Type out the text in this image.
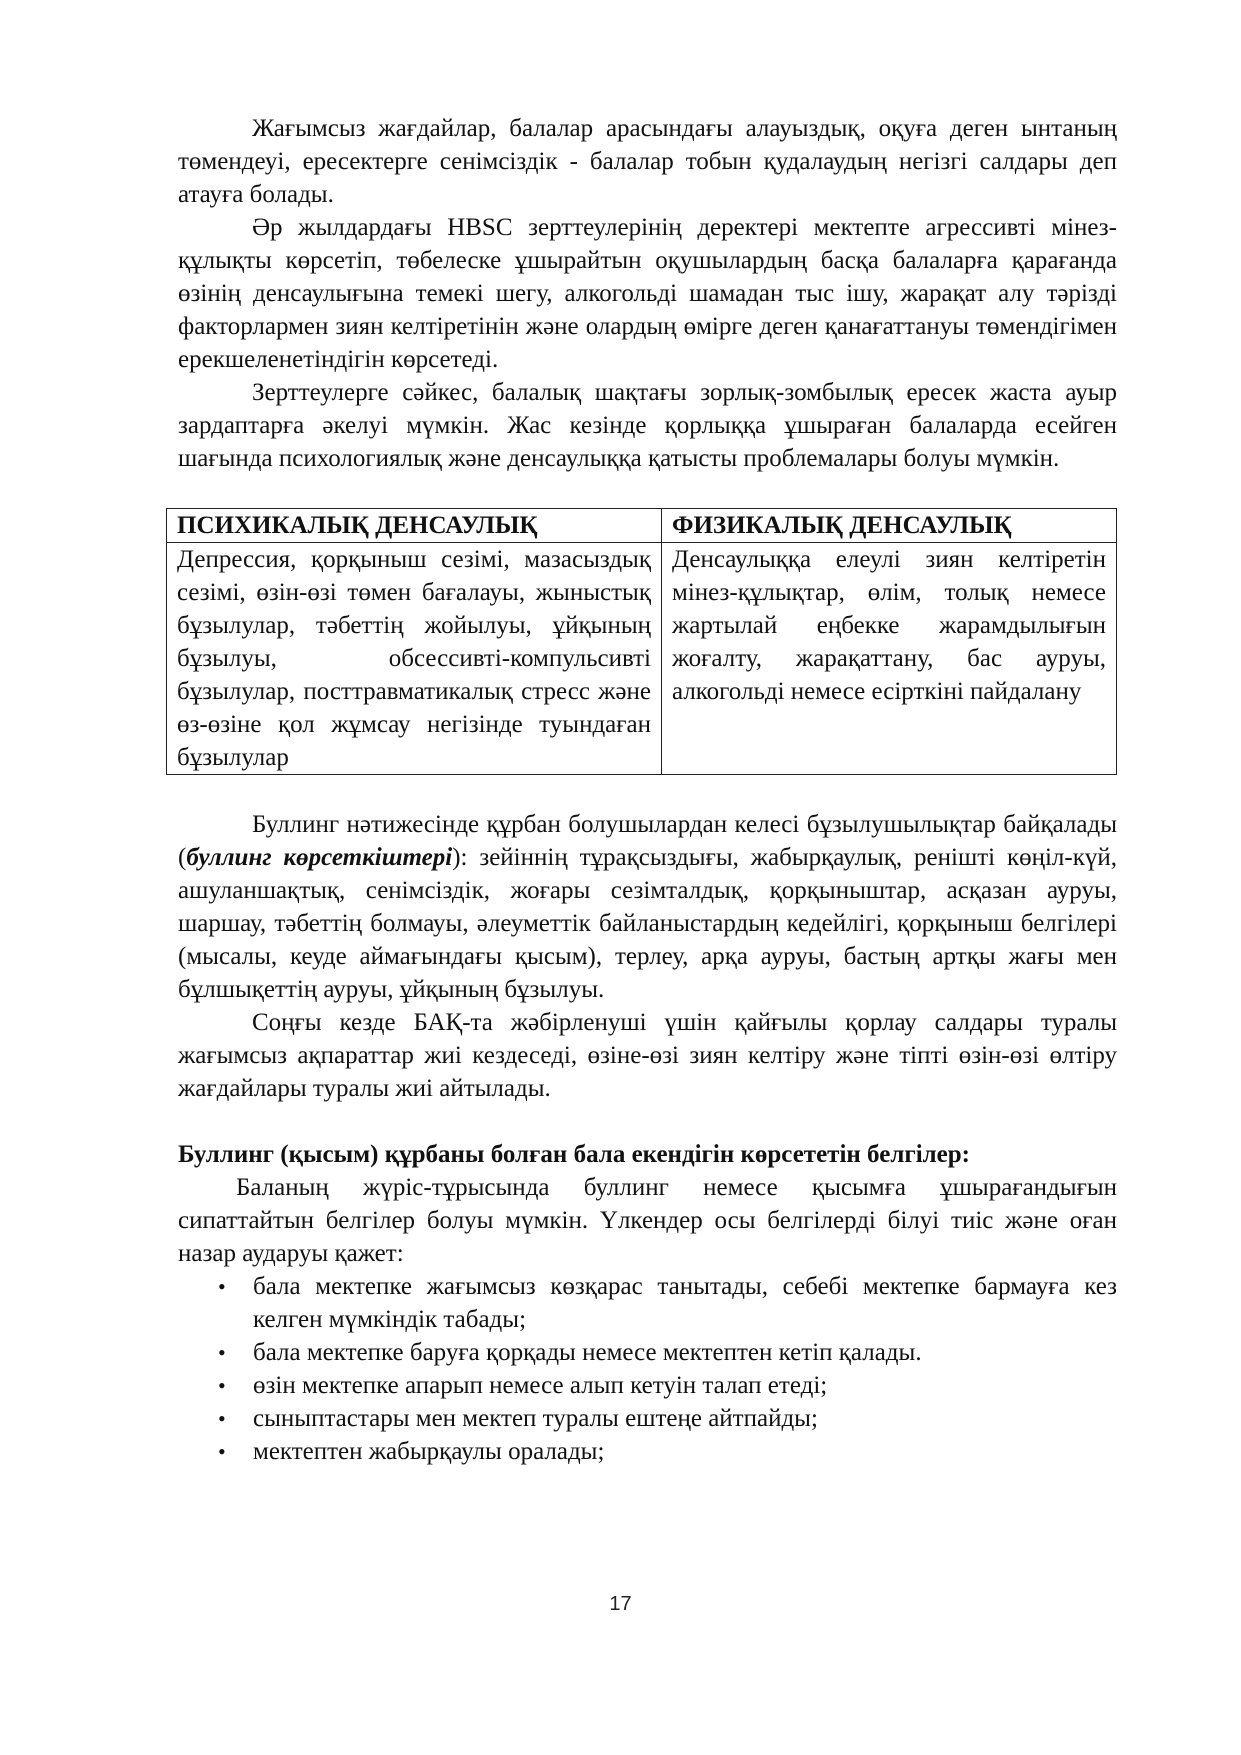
Жағымсыз жағдайлар, балалар арасындағы алауыздық, оқуға деген ынтаның төмендеуі, ересектерге сенімсіздік - балалар тобын қудалаудың негізгі салдары деп атауға болады.

Әр жылдардағы HBSC зерттеулерінің деректері мектепте агрессивті мінез-құлықты көрсетіп, төбелеске ұшырайтын оқушылардың басқа балаларға қарағанда өзінің денсаулығына темекі шегу, алкогольді шамадан тыс ішу, жарақат алу тәрізді факторлармен зиян келтіретінін және олардың өмірге деген қанағаттануы төмендігімен ерекшеленетіндігін көрсетеді.

Зерттеулерге сәйкес, балалық шақтағы зорлық-зомбылық ересек жаста ауыр зардаптарға әкелуі мүмкін. Жас кезінде қорлыққа ұшыраған балаларда есейген шағында психологиялық және денсаулыққа қатысты проблемалары болуы мүмкін.

ПСИХИКАЛЫҚ ДЕНСАУЛЫҚ	ФИЗИКАЛЫҚ ДЕНСАУЛЫҚ
Депрессия, қорқыныш сезімі, мазасыздық сезімі, өзін-өзі төмен бағалауы, жыныстық бұзылулар, тәбеттің жойылуы, ұйқының бұзылуы, обсессивті-компульсивті бұзылулар, посттравматикалық стресс және өз-өзіне қол жұмсау негізінде туындаған бұзылулар	Денсаулыққа елеулі зиян келтіретін мінез-құлықтар, өлім, толық немесе жартылай еңбекке жарамдылығын жоғалту, жарақаттану, бас ауруы, алкогольді немесе есірткіні пайдалану

Буллинг нәтижесінде құрбан болушылардан келесі бұзылушылықтар байқалады (буллинг көрсеткіштері): зейіннің тұрақсыздығы, жабырқаулық, реніштi көңіл-күй, ашуланшақтық, сенімсіздік, жоғары сезімталдық, қорқыныштар, асқазан ауруы, шаршау, тәбеттің болмауы, әлеуметтік байланыстардың кедейлігі, қорқыныш белгілері (мысалы, кеуде аймағындағы қысым), терлеу, арқа ауруы, бастың артқы жағы мен бұлшықеттің ауруы, ұйқының бұзылуы.

Соңғы кезде БАҚ-та жәбірленуші үшін қайғылы қорлау салдары туралы жағымсыз ақпараттар жиі кездеседі, өзіне-өзі зиян келтіру және тіпті өзін-өзі өлтіру жағдайлары туралы жиі айтылады.

Буллинг (қысым) құрбаны болған бала екендігін көрсететін белгілер:

Баланың жүріс-тұрысында буллинг немесе қысымға ұшырағандығын сипаттайтын белгілер болуы мүмкін. Үлкендер осы белгілерді білуі тиіс және оған назар аударуы қажет:

• бала мектепке жағымсыз көзқарас танытады, себебі мектепке бармауға кез келген мүмкіндік табады;
• бала мектепке баруға қорқады немесе мектептен кетіп қалады.
• өзін мектепке апарып немесе алып кетуін талап етеді;
• сыныптастары мен мектеп туралы ештеңе айтпайды;
• мектептен жабырқаулы оралады;
17
